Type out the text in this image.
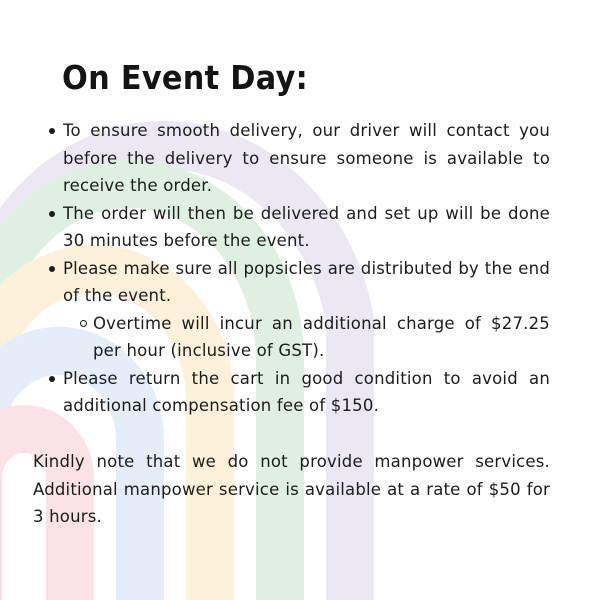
On Event Day:
To ensure smooth delivery, our driver will contact you before the delivery to ensure someone is available to receive the order.
The order will then be delivered and set up will be done 30 minutes before the event.
Please make sure all popsicles are distributed by the end of the event.
Overtime will incur an additional charge of $27.25 per hour (inclusive of GST).
Please return the cart in good condition to avoid an additional compensation fee of $150.

Kindly note that we do not provide manpower services. Additional manpower service is available at a rate of $50 for 3 hours.
